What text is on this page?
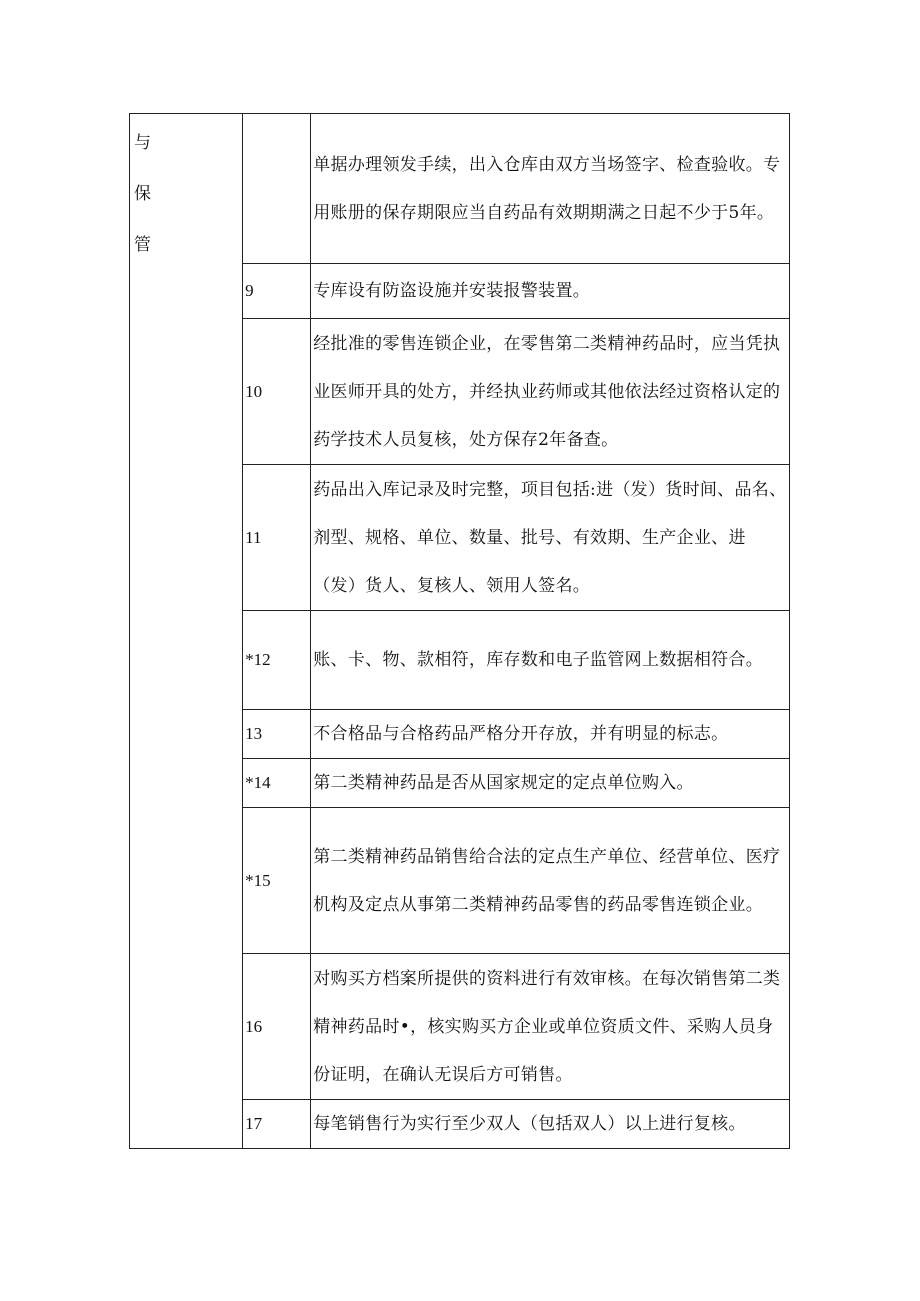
与
保
管		单据办理领发手续，出入仓库由双方当场签字、检查验收。专用账册的保存期限应当自药品有效期期满之日起不少于5年。
	9	专库设有防盗设施并安装报警装置。
	10	经批准的零售连锁企业，在零售第二类精神药品时，应当凭执业医师开具的处方，并经执业药师或其他依法经过资格认定的药学技术人员复核，处方保存2年备查。
	11	药品出入库记录及时完整，项目包括:进（发）货时间、品名、剂型、规格、单位、数量、批号、有效期、生产企业、进（发）货人、复核人、领用人签名。
	*12	账、卡、物、款相符，库存数和电子监管网上数据相符合。
	13	不合格品与合格药品严格分开存放，并有明显的标志。
	*14	第二类精神药品是否从国家规定的定点单位购入。
	*15	第二类精神药品销售给合法的定点生产单位、经营单位、医疗机构及定点从事第二类精神药品零售的药品零售连锁企业。
	16	对购买方档案所提供的资料进行有效审核。在每次销售第二类精神药品时•，核实购买方企业或单位资质文件、采购人员身份证明，在确认无误后方可销售。
	17	每笔销售行为实行至少双人（包括双人）以上进行复核。
